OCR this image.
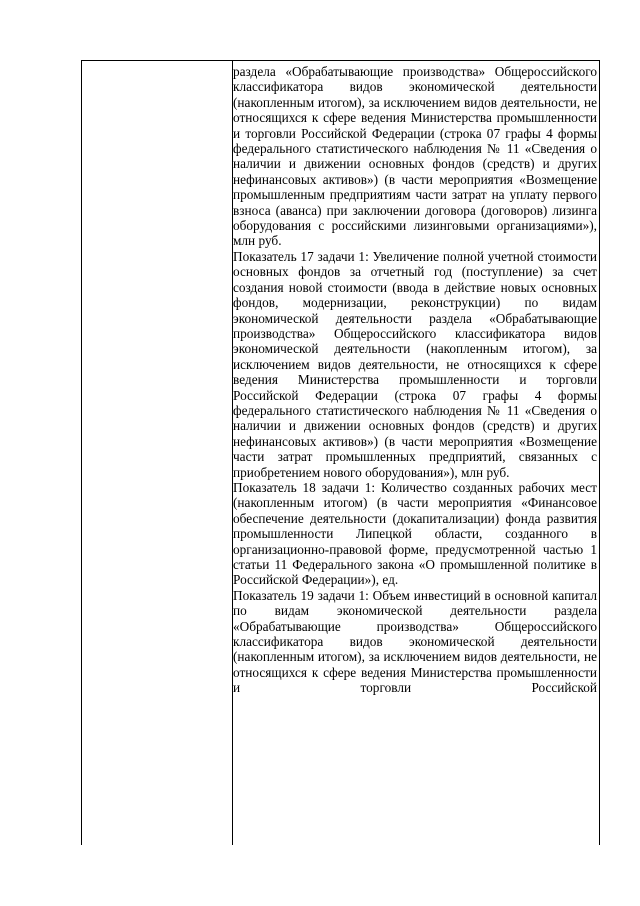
раздела «Обрабатывающие производства» Общероссийского классификатора видов экономической деятельности (накопленным итогом), за исключением видов деятельности, не относящихся к сфере ведения Министерства промышленности и торговли Российской Федерации (строка 07 графы 4 формы федерального статистического наблюдения № 11 «Сведения о наличии и движении основных фондов (средств) и других нефинансовых активов») (в части мероприятия «Возмещение промышленным предприятиям части затрат на уплату первого взноса (аванса) при заключении договора (договоров) лизинга оборудования с российскими лизинговыми организациями»), млн руб.

Показатель 17 задачи 1: Увеличение полной учетной стоимости основных фондов за отчетный год (поступление) за счет создания новой стоимости (ввода в действие новых основных фондов, модернизации, реконструкции) по видам экономической деятельности раздела «Обрабатывающие производства» Общероссийского классификатора видов экономической деятельности (накопленным итогом), за исключением видов деятельности, не относящихся к сфере ведения Министерства промышленности и торговли Российской Федерации (строка 07 графы 4 формы федерального статистического наблюдения № 11 «Сведения о наличии и движении основных фондов (средств) и других нефинансовых активов») (в части мероприятия «Возмещение части затрат промышленных предприятий, связанных с приобретением нового оборудования»), млн руб.

Показатель 18 задачи 1: Количество созданных рабочих мест (накопленным итогом) (в части мероприятия «Финансовое обеспечение деятельности (докапитализации) фонда развития промышленности Липецкой области, созданного в организационно-правовой форме, предусмотренной частью 1 статьи 11 Федерального закона «О промышленной политике в Российской Федерации»), ед.

Показатель 19 задачи 1: Объем инвестиций в основной капитал по видам экономической деятельности раздела «Обрабатывающие производства» Общероссийского классификатора видов экономической деятельности (накопленным итогом), за исключением видов деятельности, не относящихся к сфере ведения Министерства промышленности и торговли Российской
